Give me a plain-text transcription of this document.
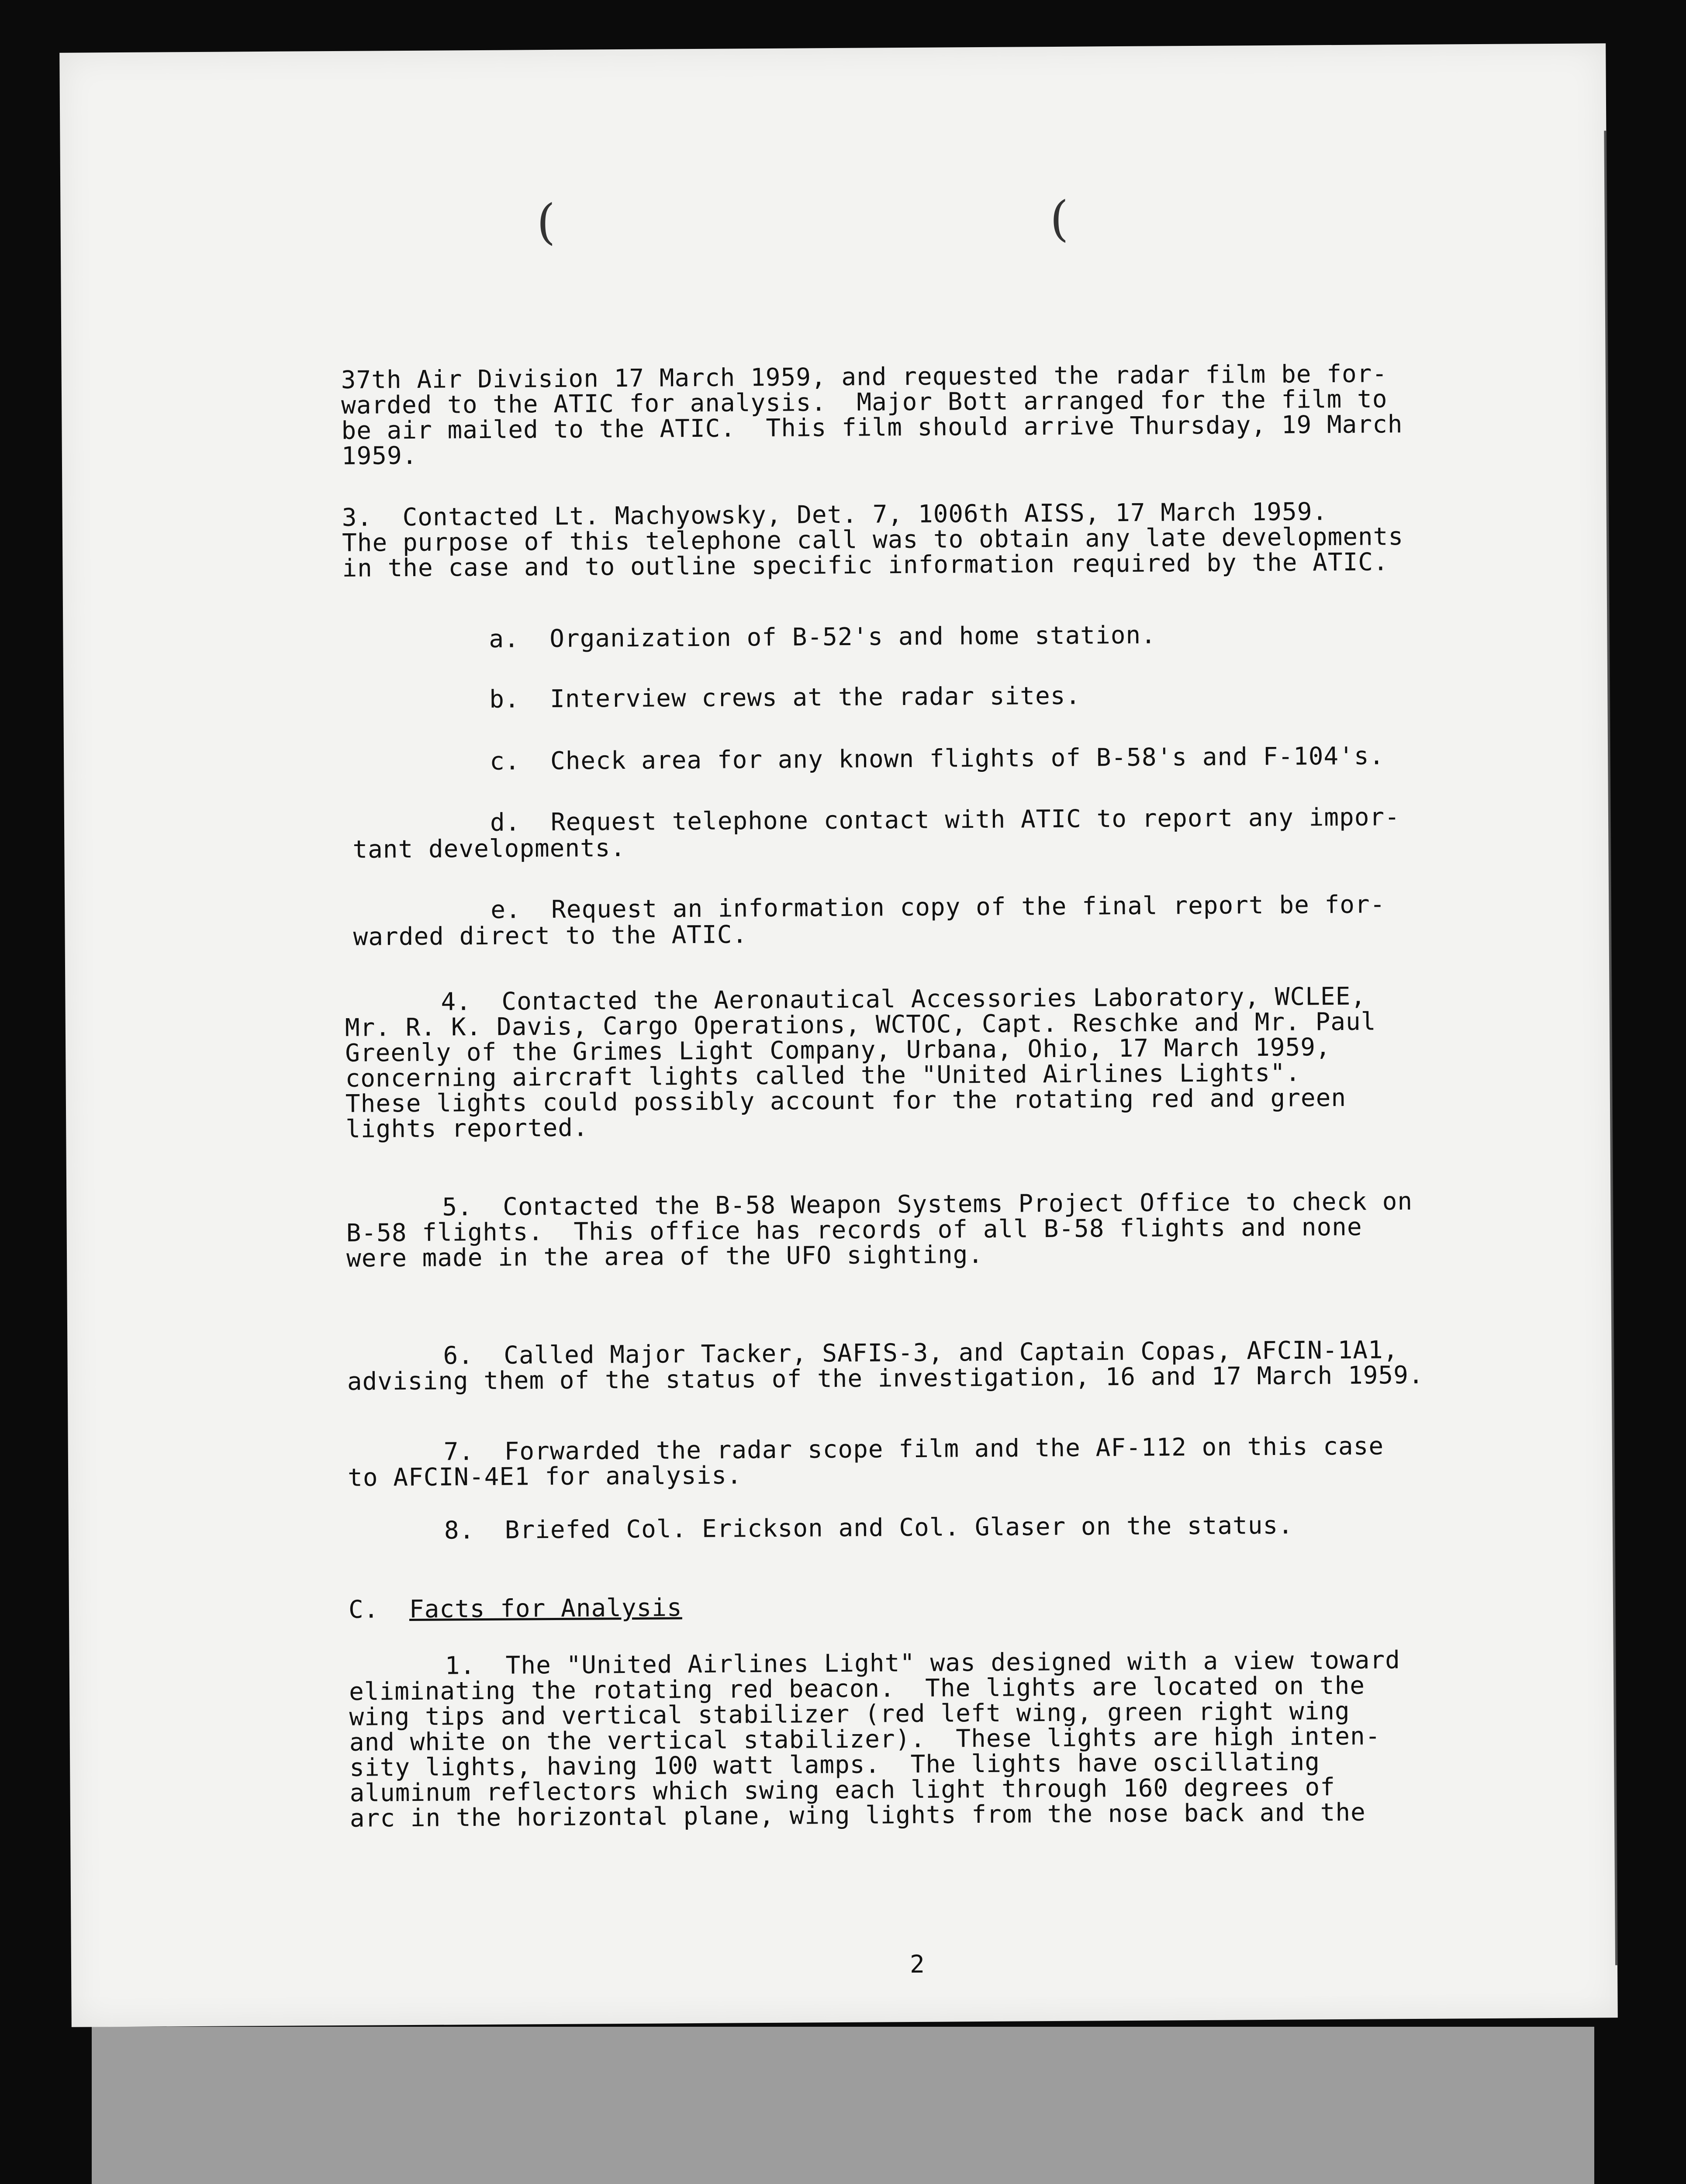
(	(
37th Air Division 17 March 1959, and requested the radar film be for-
warded to the ATIC for analysis.  Major Bott arranged for the film to
be air mailed to the ATIC.  This film should arrive Thursday, 19 March
1959.
3.  Contacted Lt. Machyowsky, Det. 7, 1006th AISS, 17 March 1959.
The purpose of this telephone call was to obtain any late developments
in the case and to outline specific information required by the ATIC.
a.  Organization of B-52's and home station.
b.  Interview crews at the radar sites.
c.  Check area for any known flights of B-58's and F-104's.
d.  Request telephone contact with ATIC to report any impor-
tant developments.
e.  Request an information copy of the final report be for-
warded direct to the ATIC.
4.  Contacted the Aeronautical Accessories Laboratory, WCLEE,
Mr. R. K. Davis, Cargo Operations, WCTOC, Capt. Reschke and Mr. Paul
Greenly of the Grimes Light Company, Urbana, Ohio, 17 March 1959,
concerning aircraft lights called the "United Airlines Lights".
These lights could possibly account for the rotating red and green
lights reported.
5.  Contacted the B-58 Weapon Systems Project Office to check on
B-58 flights.  This office has records of all B-58 flights and none
were made in the area of the UFO sighting.
6.  Called Major Tacker, SAFIS-3, and Captain Copas, AFCIN-1A1,
advising them of the status of the investigation, 16 and 17 March 1959.
7.  Forwarded the radar scope film and the AF-112 on this case
to AFCIN-4E1 for analysis.
8.  Briefed Col. Erickson and Col. Glaser on the status.
C. Facts for Analysis
1.  The "United Airlines Light" was designed with a view toward
eliminating the rotating red beacon.  The lights are located on the
wing tips and vertical stabilizer (red left wing, green right wing
and white on the vertical stabilizer).  These lights are high inten-
sity lights, having 100 watt lamps.  The lights have oscillating
aluminum reflectors which swing each light through 160 degrees of
arc in the horizontal plane, wing lights from the nose back and the
2
